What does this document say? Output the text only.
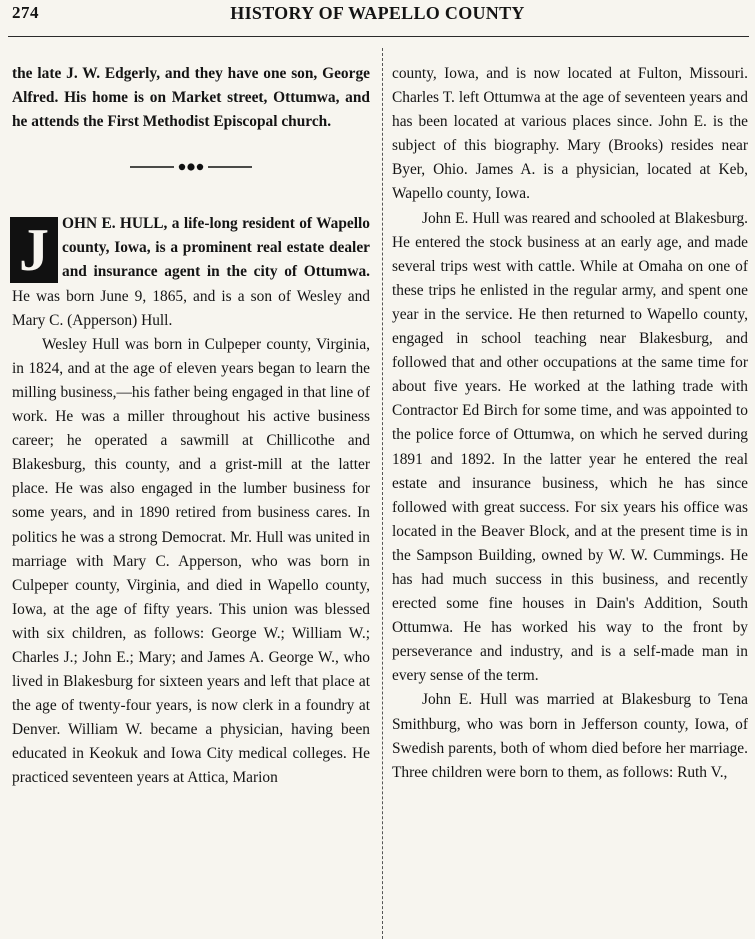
274	HISTORY OF WAPELLO COUNTY

the late J. W. Edgerly, and they have one son, George Alfred. His home is on Market street, Ottumwa, and he attends the First Methodist Episcopal church.

J OHN E. HULL, a life-long resident of Wapello county, Iowa, is a prominent real estate dealer and insurance agent in the city of Ottumwa. He was born June 9, 1865, and is a son of Wesley and Mary C. (Apperson) Hull.

Wesley Hull was born in Culpeper county, Virginia, in 1824, and at the age of eleven years began to learn the milling business,—his father being engaged in that line of work. He was a miller throughout his active business career; he operated a sawmill at Chillicothe and Blakesburg, this county, and a grist-mill at the latter place. He was also engaged in the lumber business for some years, and in 1890 retired from business cares. In politics he was a strong Democrat. Mr. Hull was united in marriage with Mary C. Apperson, who was born in Culpeper county, Virginia, and died in Wapello county, Iowa, at the age of fifty years. This union was blessed with six children, as follows: George W.; William W.; Charles J.; John E.; Mary; and James A. George W., who lived in Blakesburg for sixteen years and left that place at the age of twenty-four years, is now clerk in a foundry at Denver. William W. became a physician, having been educated in Keokuk and Iowa City medical colleges. He practiced seventeen years at Attica, Marion

county, Iowa, and is now located at Fulton, Missouri. Charles T. left Ottumwa at the age of seventeen years and has been located at various places since. John E. is the subject of this biography. Mary (Brooks) resides near Byer, Ohio. James A. is a physician, located at Keb, Wapello county, Iowa.

John E. Hull was reared and schooled at Blakesburg. He entered the stock business at an early age, and made several trips west with cattle. While at Omaha on one of these trips he enlisted in the regular army, and spent one year in the service. He then returned to Wapello county, engaged in school teaching near Blakesburg, and followed that and other occupations at the same time for about five years. He worked at the lathing trade with Contractor Ed Birch for some time, and was appointed to the police force of Ottumwa, on which he served during 1891 and 1892. In the latter year he entered the real estate and insurance business, which he has since followed with great success. For six years his office was located in the Beaver Block, and at the present time is in the Sampson Building, owned by W. W. Cummings. He has had much success in this business, and recently erected some fine houses in Dain's Addition, South Ottumwa. He has worked his way to the front by perseverance and industry, and is a self-made man in every sense of the term.

John E. Hull was married at Blakesburg to Tena Smithburg, who was born in Jefferson county, Iowa, of Swedish parents, both of whom died before her marriage. Three children were born to them, as follows: Ruth V.,
